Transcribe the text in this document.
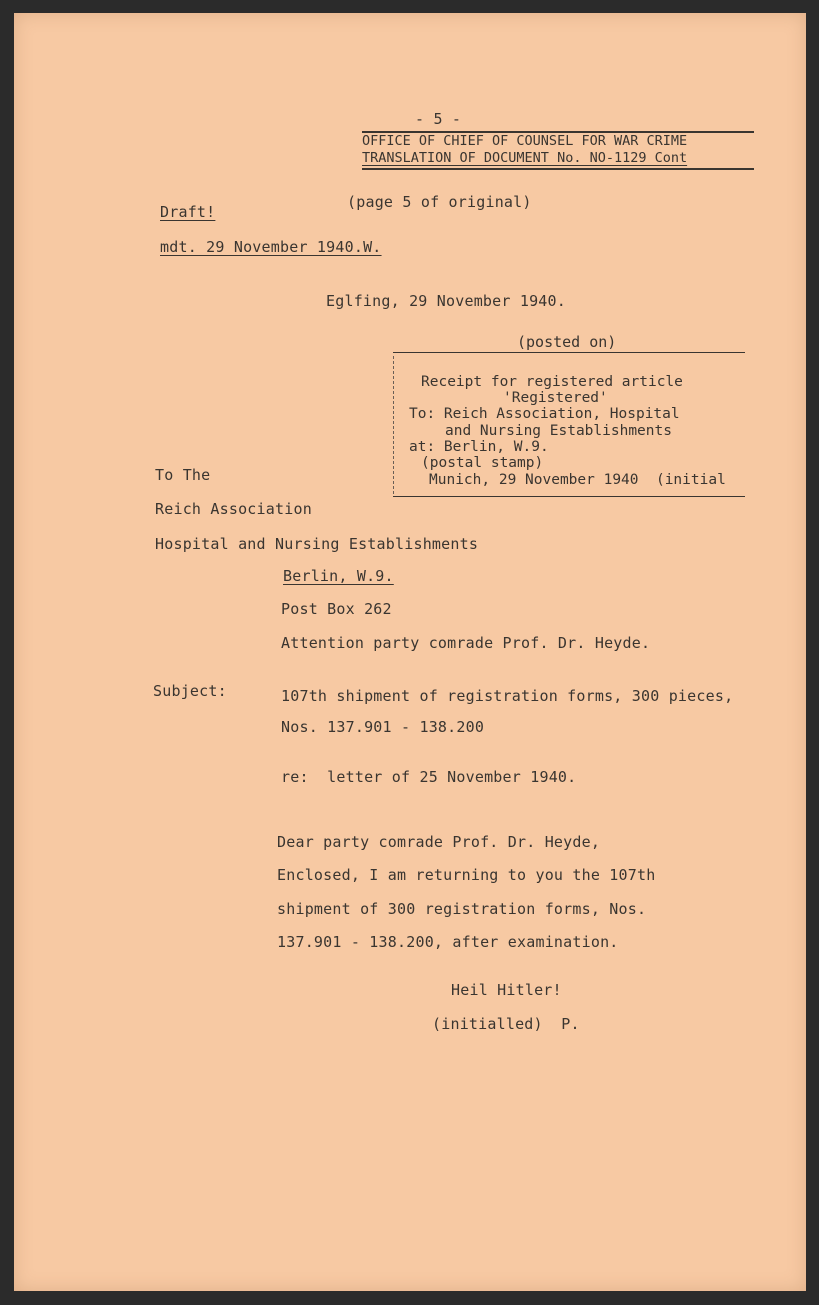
- 5 -
OFFICE OF CHIEF OF COUNSEL FOR WAR CRIME
TRANSLATION OF DOCUMENT No. NO-1129 Cont
(page 5 of original)
Draft!
mdt. 29 November 1940.W.
Eglfing, 29 November 1940.
(posted on)
Receipt for registered article
'Registered'
To: Reich Association, Hospital
and Nursing Establishments
at: Berlin, W.9.
(postal stamp)
Munich, 29 November 1940  (initial
To The
Reich Association
Hospital and Nursing Establishments
Berlin, W.9.
Post Box 262
Attention party comrade Prof. Dr. Heyde.
Subject:	107th shipment of registration forms, 300 pieces,
Nos. 137.901 - 138.200
re:  letter of 25 November 1940.
Dear party comrade Prof. Dr. Heyde,
Enclosed, I am returning to you the 107th
shipment of 300 registration forms, Nos.
137.901 - 138.200, after examination.
Heil Hitler!
(initialled)  P.
